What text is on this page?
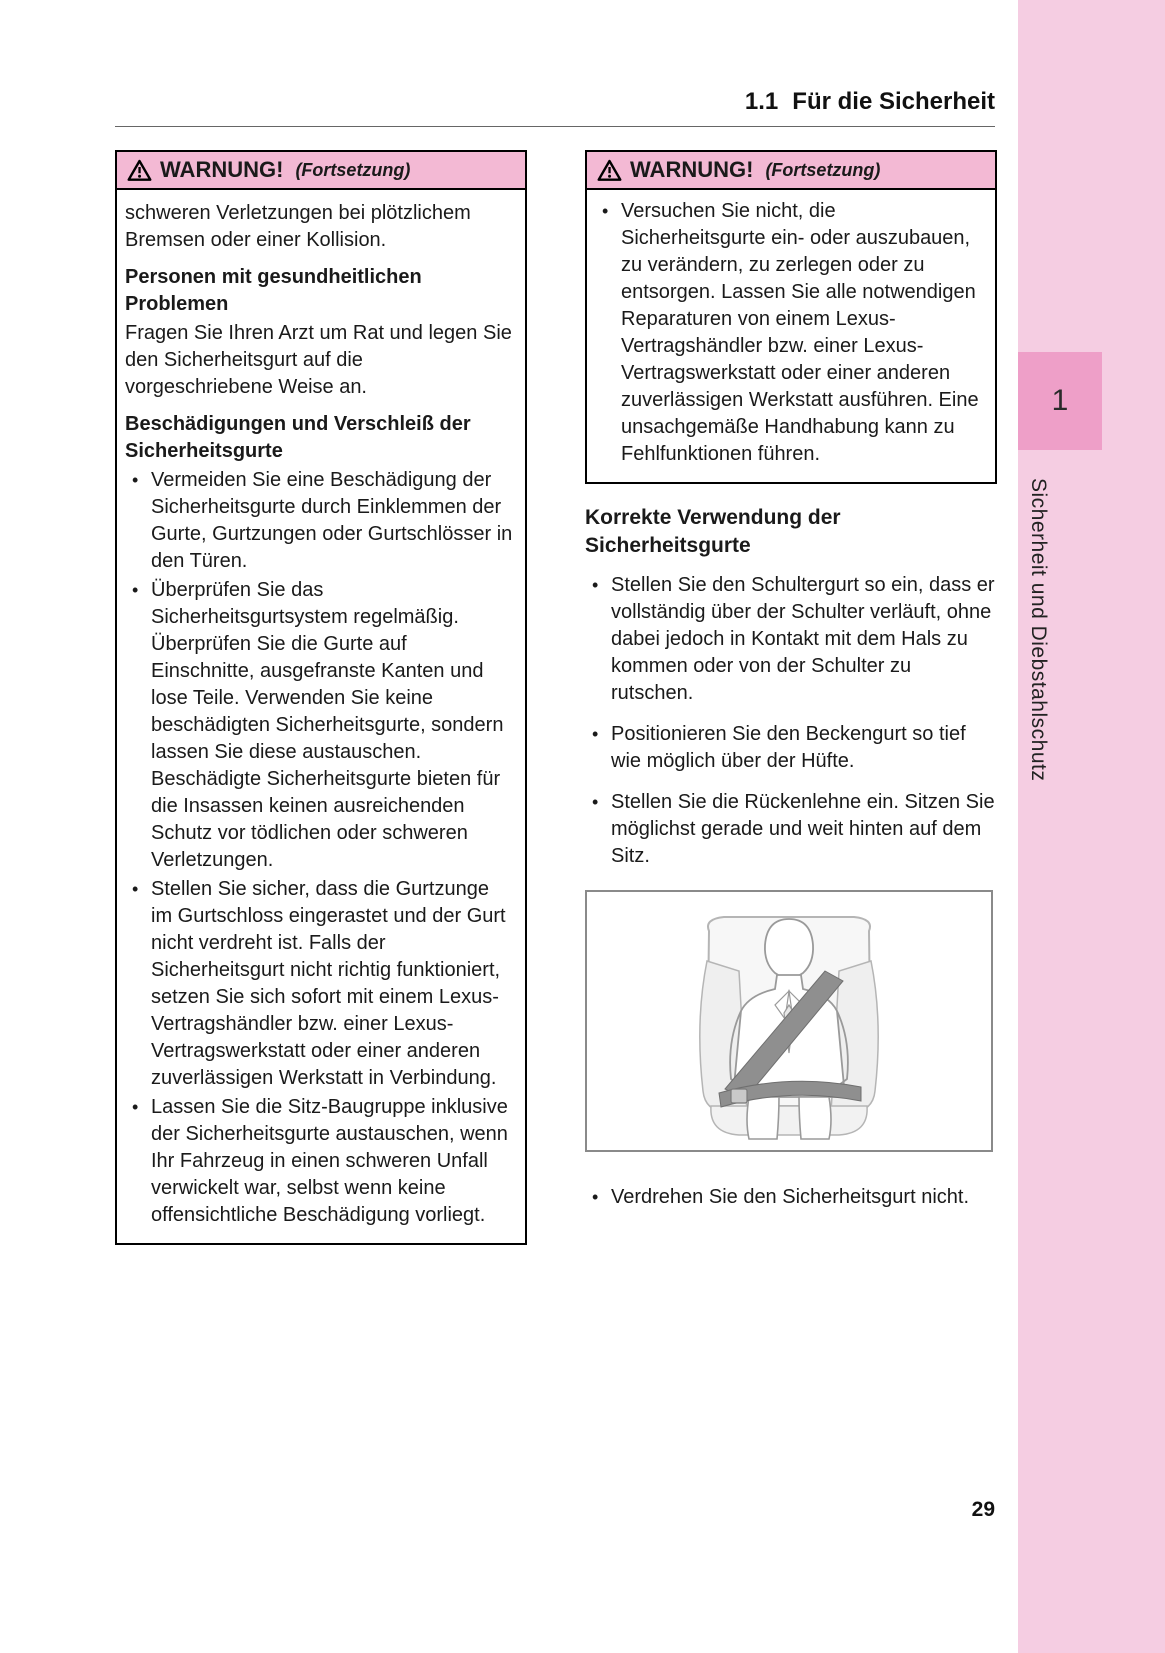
1
Sicherheit und Diebstahlschutz
1.1 Für die Sicherheit
WARNUNG! (Fortsetzung)

schweren Verletzungen bei plötzlichem Bremsen oder einer Kollision.

Personen mit gesundheitlichen Problemen

Fragen Sie Ihren Arzt um Rat und legen Sie den Sicherheitsgurt auf die vorgeschriebene Weise an.

Beschädigungen und Verschleiß der Sicherheitsgurte
• Vermeiden Sie eine Beschädigung der Sicherheitsgurte durch Einklemmen der Gurte, Gurtzungen oder Gurtschlösser in den Türen.
• Überprüfen Sie das Sicherheitsgurtsystem regelmäßig. Überprüfen Sie die Gurte auf Einschnitte, ausgefranste Kanten und lose Teile. Verwenden Sie keine beschädigten Sicherheitsgurte, sondern lassen Sie diese austauschen. Beschädigte Sicherheitsgurte bieten für die Insassen keinen ausreichenden Schutz vor tödlichen oder schweren Verletzungen.
• Stellen Sie sicher, dass die Gurtzunge im Gurtschloss eingerastet und der Gurt nicht verdreht ist. Falls der Sicherheitsgurt nicht richtig funktioniert, setzen Sie sich sofort mit einem Lexus-Vertragshändler bzw. einer Lexus-Vertragswerkstatt oder einer anderen zuverlässigen Werkstatt in Verbindung.
• Lassen Sie die Sitz-Baugruppe inklusive der Sicherheitsgurte austauschen, wenn Ihr Fahrzeug in einen schweren Unfall verwickelt war, selbst wenn keine offensichtliche Beschädigung vorliegt.
WARNUNG! (Fortsetzung)
• Versuchen Sie nicht, die Sicherheitsgurte ein- oder auszubauen, zu verändern, zu zerlegen oder zu entsorgen. Lassen Sie alle notwendigen Reparaturen von einem Lexus-Vertragshändler bzw. einer Lexus-Vertragswerkstatt oder einer anderen zuverlässigen Werkstatt ausführen. Eine unsachgemäße Handhabung kann zu Fehlfunktionen führen.
Korrekte Verwendung der Sicherheitsgurte
• Stellen Sie den Schultergurt so ein, dass er vollständig über der Schulter verläuft, ohne dabei jedoch in Kontakt mit dem Hals zu kommen oder von der Schulter zu rutschen.
• Positionieren Sie den Beckengurt so tief wie möglich über der Hüfte.
• Stellen Sie die Rückenlehne ein. Sitzen Sie möglichst gerade und weit hinten auf dem Sitz.
• Verdrehen Sie den Sicherheitsgurt nicht.
29
